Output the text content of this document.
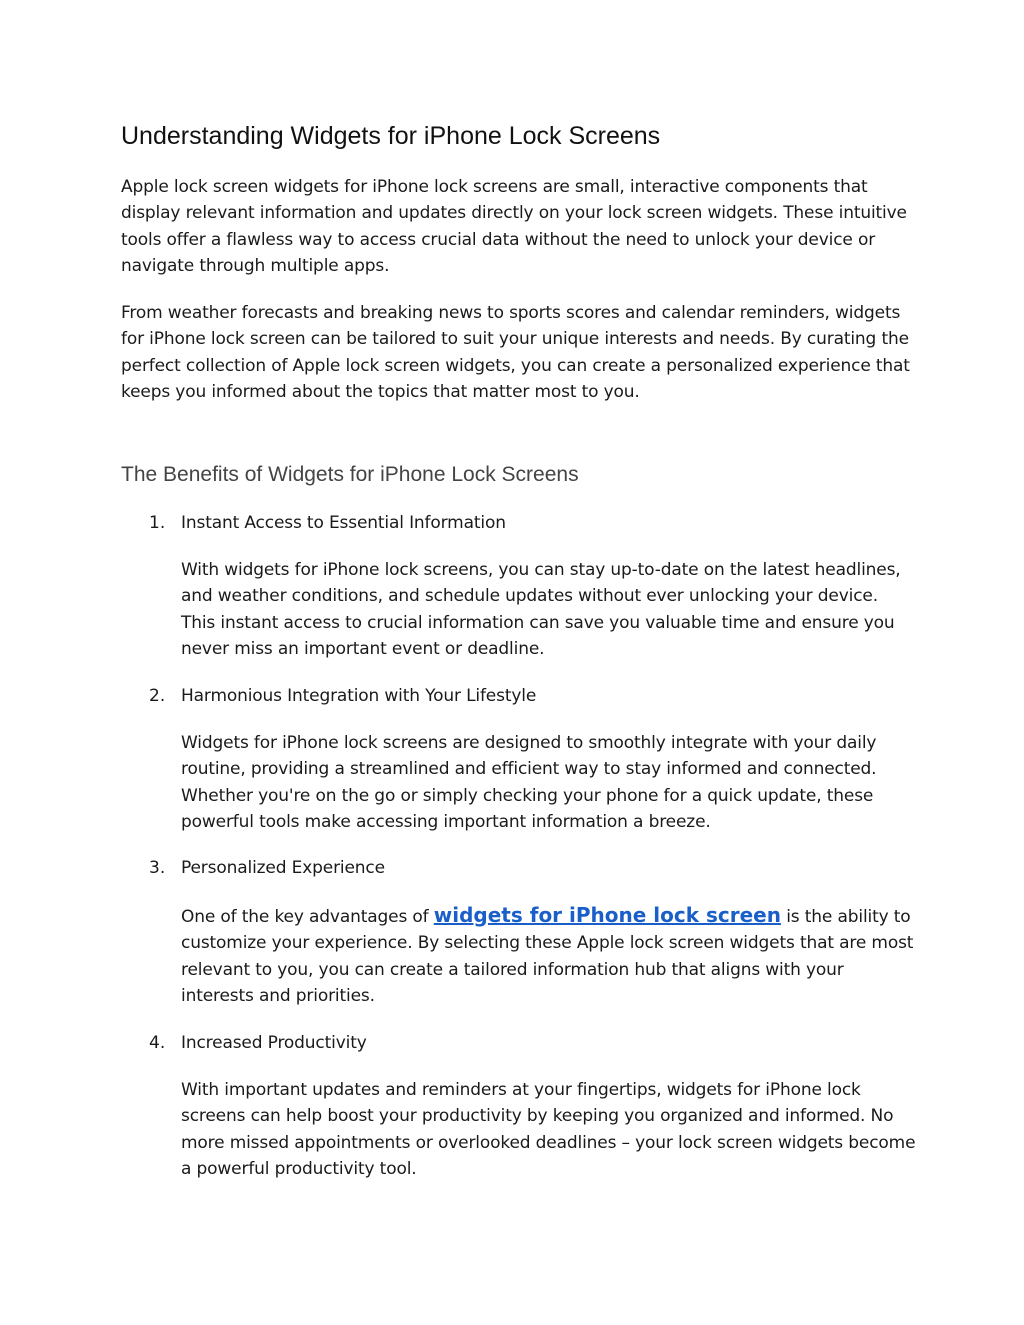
Understanding Widgets for iPhone Lock Screens

Apple lock screen widgets for iPhone lock screens are small, interactive components that display relevant information and updates directly on your lock screen widgets. These intuitive tools offer a flawless way to access crucial data without the need to unlock your device or navigate through multiple apps.

From weather forecasts and breaking news to sports scores and calendar reminders, widgets for iPhone lock screen can be tailored to suit your unique interests and needs. By curating the perfect collection of Apple lock screen widgets, you can create a personalized experience that keeps you informed about the topics that matter most to you.

The Benefits of Widgets for iPhone Lock Screens
1. Instant Access to Essential Information

With widgets for iPhone lock screens, you can stay up-to-date on the latest headlines, and weather conditions, and schedule updates without ever unlocking your device. This instant access to crucial information can save you valuable time and ensure you never miss an important event or deadline.

2. Harmonious Integration with Your Lifestyle

Widgets for iPhone lock screens are designed to smoothly integrate with your daily routine, providing a streamlined and efficient way to stay informed and connected. Whether you're on the go or simply checking your phone for a quick update, these powerful tools make accessing important information a breeze.

3. Personalized Experience

One of the key advantages of widgets for iPhone lock screen is the ability to customize your experience. By selecting these Apple lock screen widgets that are most relevant to you, you can create a tailored information hub that aligns with your interests and priorities.

4. Increased Productivity

With important updates and reminders at your fingertips, widgets for iPhone lock screens can help boost your productivity by keeping you organized and informed. No more missed appointments or overlooked deadlines – your lock screen widgets become a powerful productivity tool.
